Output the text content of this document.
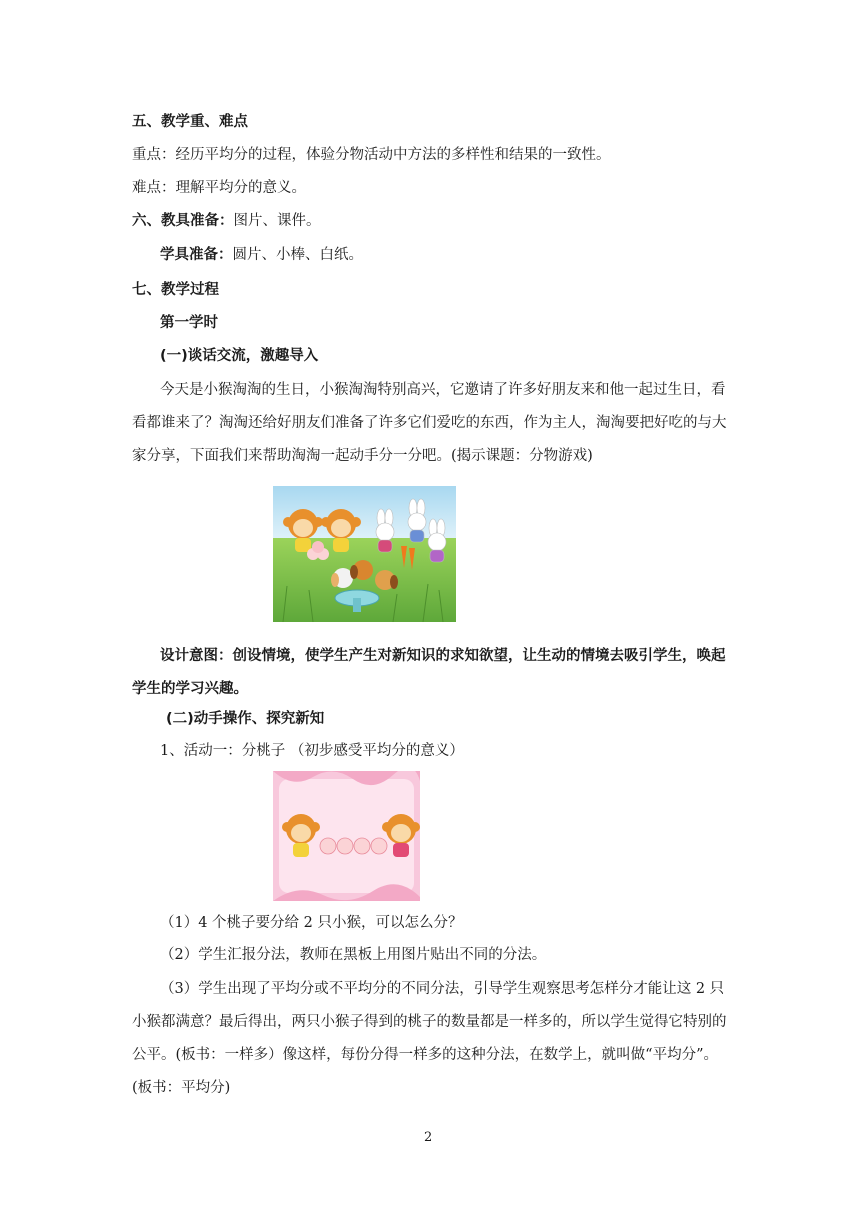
五、教学重、难点
重点：经历平均分的过程，体验分物活动中方法的多样性和结果的一致性。
难点：理解平均分的意义。
六、教具准备：图片、课件。
学具准备：圆片、小棒、白纸。
七、教学过程
第一学时
(一)谈话交流，激趣导入
今天是小猴淘淘的生日，小猴淘淘特别高兴，它邀请了许多好朋友来和他一起过生日，看看都谁来了？淘淘还给好朋友们准备了许多它们爱吃的东西，作为主人，淘淘要把好吃的与大家分享，下面我们来帮助淘淘一起动手分一分吧。(揭示课题：分物游戏)
设计意图：创设情境，使学生产生对新知识的求知欲望，让生动的情境去吸引学生，唤起学生的学习兴趣。
(二)动手操作、探究新知
1、活动一：分桃子 （初步感受平均分的意义）
（1）4 个桃子要分给 2 只小猴，可以怎么分？
（2）学生汇报分法，教师在黑板上用图片贴出不同的分法。
（3）学生出现了平均分或不平均分的不同分法，引导学生观察思考怎样分才能让这 2 只小猴都满意？最后得出，两只小猴子得到的桃子的数量都是一样多的，所以学生觉得它特别的公平。(板书：一样多）像这样，每份分得一样多的这种分法，在数学上，就叫做“平均分”。(板书：平均分)
2
